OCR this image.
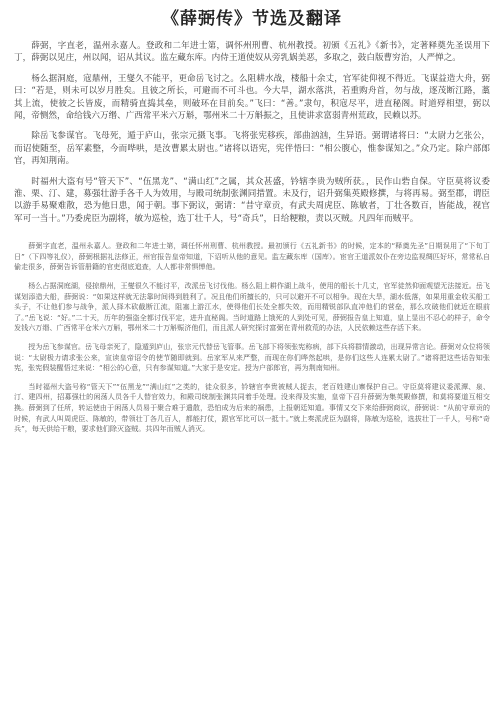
《薛弼传》节选及翻译

薛弼，字直老，温州永嘉人。登政和二年进士第，调怀州刑曹、杭州教授。初颁《五礼》《新书》，定著释奠先圣误用下丁，薛弼以见庄，州以闻，诏从其议。监左藏东库。内侍王道使奴从旁乳娲美恶，多取之，鼓白版曹穷治，人严惮之。

杨么据洞庭，寇鼎州，王燮久不能平，更命岳飞讨之。么阻耕水战，楼船十余丈，官军徒仰视不得近。飞谋益造大舟，弼曰：“若是，则未可以岁月胜矣。且彼之所长，可避而不可斗也。今大旱，湖水落洪，若重购舟首，勿与战，逐茂断江路，藁其上流，使彼之长皆废，而精骑直捣其垒，则破环在目前矣。”飞曰：“善。”隶句，积寇尽平，进直秘阁。时道殍相望，弼以闻，帝恻然，命给钱六万缗、广西常平米六万斛，鄂州米二十万斛振之，且使讲求富弱青州荒政，民赖以苏。

除岳飞参谋官。飞母死，遁于庐山，张宗元摄飞事。飞将张宪移疾，部曲汹汹，生异语。弼谓诸将曰：“太尉力乞张公，而诏使随至，岳军素整，今而哗哄，是汝曹累太尉也。”诸将以语宪，宪伴悟曰：“相公腹心，惟参谋知之。”众乃定。除户部郎官，再知荆南。

时福州大盗有号“管天下”、“伍黑龙”、“满山红”之属，其众甚盛，钤辖李贵为贼所获。，民作山砦自保。守臣莫将议委淮、栗、汀、建，募强壮游手各千人为效用，与殿司统制张渊同措置。未及行，诏升弼集英殿修撰，与将再易。弼至郡，谓臣以游手易聚难散，恐为他日患，闻于朝。事下弼议，弼请：“昔守章贡，有武夫周虎臣、陈敏者，丁壮各数百，皆能战，视官军可一当十。”乃委虎臣为副将，敏为巡检，选丁壮千人，号“奇兵”，日给粳粮，责以灭贼。凡四年而贼平。

薛弼字直老，温州永嘉人。登政和二年进士第，调任怀州刑曹、杭州教授。最初颁行《五礼新书》的时候，定本的“释奠先圣”日期误用了“下旬丁日”（下四等礼仪），薛弼根据礼法修正，州官报告皇帝知道，下诏听从他的意见。监左藏东库（国库）。宦官王道派奴仆在旁边监视绸匹好坏，常常私自偷走很多，薛弼告诉管册籍的官吏彻底追查，人人都非常惧惮他。

杨么占据洞庭湖，侵掠鼎州，王燮很久不能讨平，改派岳飞讨伐他。杨么阻上耕作湖上战斗，使用的船长十几丈，官军徒然仰面观望无法接近。岳飞谋划添造大船，薛弼说：“如果这样就无法靠时间得到胜利了。况且他们所擅长的，只可以避开不可以相争。现在大旱，湖水低落，如果用重金收买船工头子，不让他们参与战争，派人择木砍截断江流，阻塞上游江水，使得他们长处全都失效，而用精锐部队直冲他们的营垒，那么攻破他们就近在眼前了。”岳飞说：“好。”二十天，历年的强盗全都讨伐平定，进升直秘阁。当时道路上饿死的人到处可见，薛弼报告皇上知道，皇上显出不忍心的样子，命令发钱六万缗、广西常平仓米六万斛，鄂州米二十万斛赈济他们，而且派人研究探讨富弼在青州救荒的办法，人民依赖这些存活下来。

授为岳飞参谋官。岳飞母亲死了，隐遁到庐山，张宗元代替岳飞管事。岳飞部下将领张宪称病，部下兵将群情激动，出现异常言论。薛弼对众位将领说：“太尉极力请求张公来，宣读皇帝诏令的使节随即就到。岳家军从来严整，而现在你们哗然起哄，是你们这些人连累太尉了。”诸将把这些话告知张宪，张宪假装醒悟过来说：“相公的心意，只有参谋知道。”大家于是安定。授为户部郎官，再为荆南知州。

当时福州大盗号称“管天下”“伍黑龙”“满山红”之类的，徒众很多，钤辖官李贵被贼人捉去，老百姓建山寨保护自己。守臣莫将建议委派潭、泉、汀、建四州，招募强壮的闲荡人员各千人替官效力，和殿司统制张渊共同着手处理。没来得及实施，皇帝下召升薛弼为集英殿修撰，和莫将要道互相交换。薛弼到了任所，转运使由于闲荡人员易于聚合难于遣散，恐怕成为后来的祸患，上报朝廷知道。事情又交下来给薛弼商议，薛弼说：“从前守章贡的时候，有武人叫周虎臣、陈敏的，带领壮丁各几百人，都能打仗，跟官军比可以一抵十。”就上奏派虎臣为副将，陈敏为巡检，选拔壮丁一千人，号称“奇兵”，每天供给干粮，要求他们除灭盗贼。共四年而贼人消灭。
